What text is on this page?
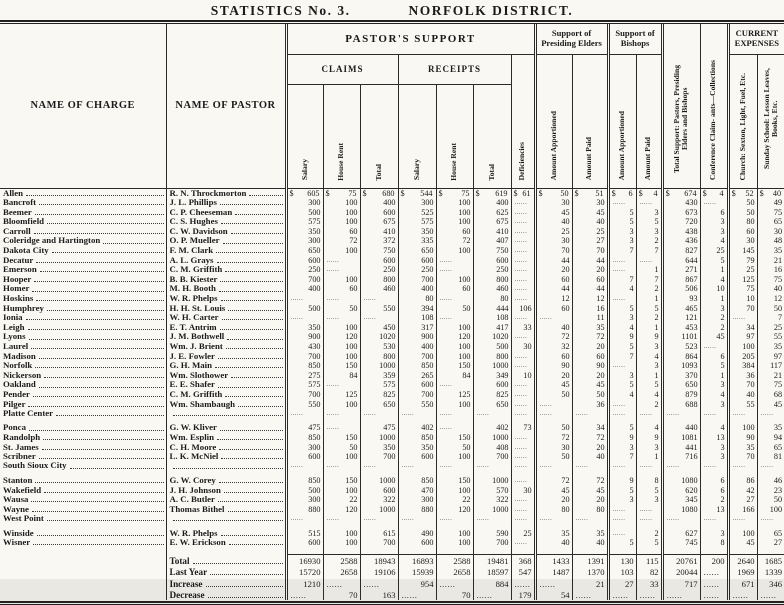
STATISTICS No. 3.	NORFOLK DISTRICT.
NAME OF CHARGE	NAME OF PASTOR	PASTOR'S SUPPORT							Support of Presiding Elders		Support of Bishops		Total Support: Pastors, Presiding Elders and Bishops	Conference Claim- ants—Collections	CURRENT EXPENSES	
		CLAIMS			RECEIPTS			Deficiencies	Amount Apportioned	Amount Paid	Amount Apportioned	Amount Paid			Church: Sexton, Light, Fuel, Etc.	Sunday School: Lesson Leaves, Books, Etc.
		Salary	House Rent	Total	Salary	House Rent	Total									

Allen	R. N. Throckmorton	$ 605	$ 75	$ 680	$ 544	$ 75	$ 619	$ 61	$ 50	$ 51	$ 6	$ 4	$ 674	$ 4	$ 52	$ 40

Bancroft	J. L. Phillips	300	100	400	300	100	400	......	30	30	......	......	430	......	50	49

Beemer	C. P. Cheeseman	500	100	600	525	100	625	......	45	45	5	3	673	6	50	75

Bloomfield	C. S. Hughes	575	100	675	575	100	675	......	40	40	5	5	720	3	80	65

Carroll	C. W. Davidson	350	60	410	350	60	410	......	25	25	3	3	438	3	60	30

Coleridge and Hartington	O. P. Mueller	300	72	372	335	72	407	......	30	27	3	2	436	4	30	48

Dakota City	F. M. Clark	650	100	750	650	100	750	......	70	70	7	7	827	25	145	35

Decatur	A. L. Grays	600	......	600	600	......	600	......	44	44	......	......	644	5	79	21

Emerson	C. M. Griffith	250	......	250	250	......	250	......	20	20	......	1	271	1	25	16

Hooper	B. B. Kiester	700	100	800	700	100	800	......	60	60	7	7	867	4	125	75

Homer	M. H. Booth	400	60	460	400	60	460	......	44	44	4	2	506	10	75	40

Hoskins	W. R. Phelps	......	......	......	80	......	80	......	12	12	......	1	93	1	10	12

Humphrey	H. H. St. Louis	500	50	550	394	50	444	106	60	16	5	5	465	3	70	50

Ionia	W. H. Carter	......	......	......	108	......	108	......	......	11	3	2	121	2	......	7

Leigh	E. T. Antrim	350	100	450	317	100	417	33	40	35	4	1	453	2	34	25

Lyons	J. M. Bothwell	900	120	1020	900	120	1020	......	72	72	9	9	1101	45	97	55

Laurel	Wm. J. Brient	430	100	530	400	100	500	30	32	20	5	3	523	......	100	35

Madison	J. E. Fowler	700	100	800	700	100	800	......	60	60	7	4	864	6	205	97

Norfolk	G. H. Main	850	150	1000	850	150	1000	......	90	90	......	3	1093	5	384	117

Nickerson	Wm. Slothower	275	84	359	265	84	349	10	20	20	3	1	370	1	36	21

Oakland	E. E. Shafer	575	......	575	600	......	600	......	45	45	5	5	650	3	70	75

Pender	C. M. Griffith	700	125	825	700	125	825	......	50	50	4	4	879	4	40	68

Pilger	Wm. Shambaugh	550	100	650	550	100	650	......	......	36	......	2	688	3	55	45

Platte Center		......	......	......	......	......	......	......	......	......	......	......	......	......	......	......

Ponca	G. W. Kliver	475	......	475	402	......	402	73	50	34	5	4	440	4	100	35

Randolph	Wm. Esplin	850	150	1000	850	150	1000	......	72	72	9	9	1081	13	90	94

St. James	C. H. Moore	300	50	350	350	50	408	......	30	20	3	3	441	3	35	65

Scribner	L. K. McNiel	600	100	700	600	100	700	......	50	40	7	1	716	3	70	81

South Sioux City		......	......	......	......	......	......	......	......	......	......	......	......	......	......	......

Stanton	G. W. Corey	850	150	1000	850	150	1000	......	72	72	9	8	1080	6	86	46

Wakefield	J. H. Johnson	500	100	600	470	100	570	30	45	45	5	5	620	6	42	23

Wausa	A. C. Butler	300	22	322	300	22	322	......	20	20	3	3	345	2	27	50

Wayne	Thomas Bithel	880	120	1000	880	120	1000	......	80	80	......	......	1080	13	166	100

West Point		......	......	......	......	......	......	......	......	......	......	......	......	......	......	......

Winside	W. R. Phelps	515	100	615	490	100	590	25	35	35	......	2	627	3	100	65

Wisner	E. W. Erickson	600	100	700	600	100	700	......	40	40	5	5	745	8	45	27

	Total	16930	2588	18943	16893	2588	19481	368	1433	1391	130	115	20761	200	2640	1685

	Last Year	15720	2658	19106	15939	2658	18597	547	1487	1370	103	82	20044	......	1969	1339

	Increase	1210	......	......	954	......	884	......	......	21	27	33	717	......	671	346

	Decrease	......	70	163	......	70	......	179	54	......	......	......	......	......	......	......
